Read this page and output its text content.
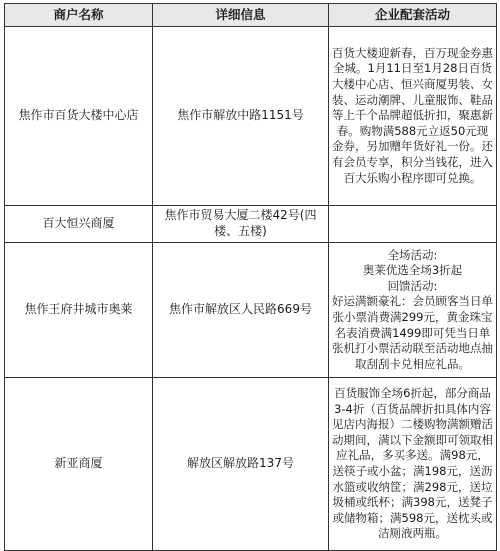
商户名称	详细信息	企业配套活动
焦作市百货大楼中心店	焦作市解放中路1151号	百货大楼迎新春，百万现金券惠全城。1月11日至1月28日百货大楼中心店、恒兴商厦男装、女装、运动潮牌、儿童服饰、鞋品等上千个品牌超低折扣，聚惠新春。购物满588元立返50元现金券，另加赠年货好礼一份。还有会员专享，积分当钱花，进入百大乐购小程序即可兑换。
百大恒兴商厦	焦作市贸易大厦二楼42号(四楼、五楼)	
焦作王府井城市奥莱	焦作市解放区人民路669号	全场活动:
奥莱优选全场3折起
回馈活动:
好运满额豪礼：会员顾客当日单张小票消费满299元，黄金珠宝名表消费满1499即可凭当日单张机打小票活动联至活动地点抽取刮刮卡兑相应礼品。

新亚商厦	解放区解放路137号	百货服饰全场6折起，部分商品3-4折（百货品牌折扣具体内容见店内海报）二楼购物满额赠活动期间，满以下金额即可领取相应礼品，多买多送。满98元，送筷子或小盆；满198元，送沥水篮或收纳筐；满298元，送垃圾桶或纸杯；满398元，送凳子或储物箱；满598元，送枕头或洁厕液两瓶。
